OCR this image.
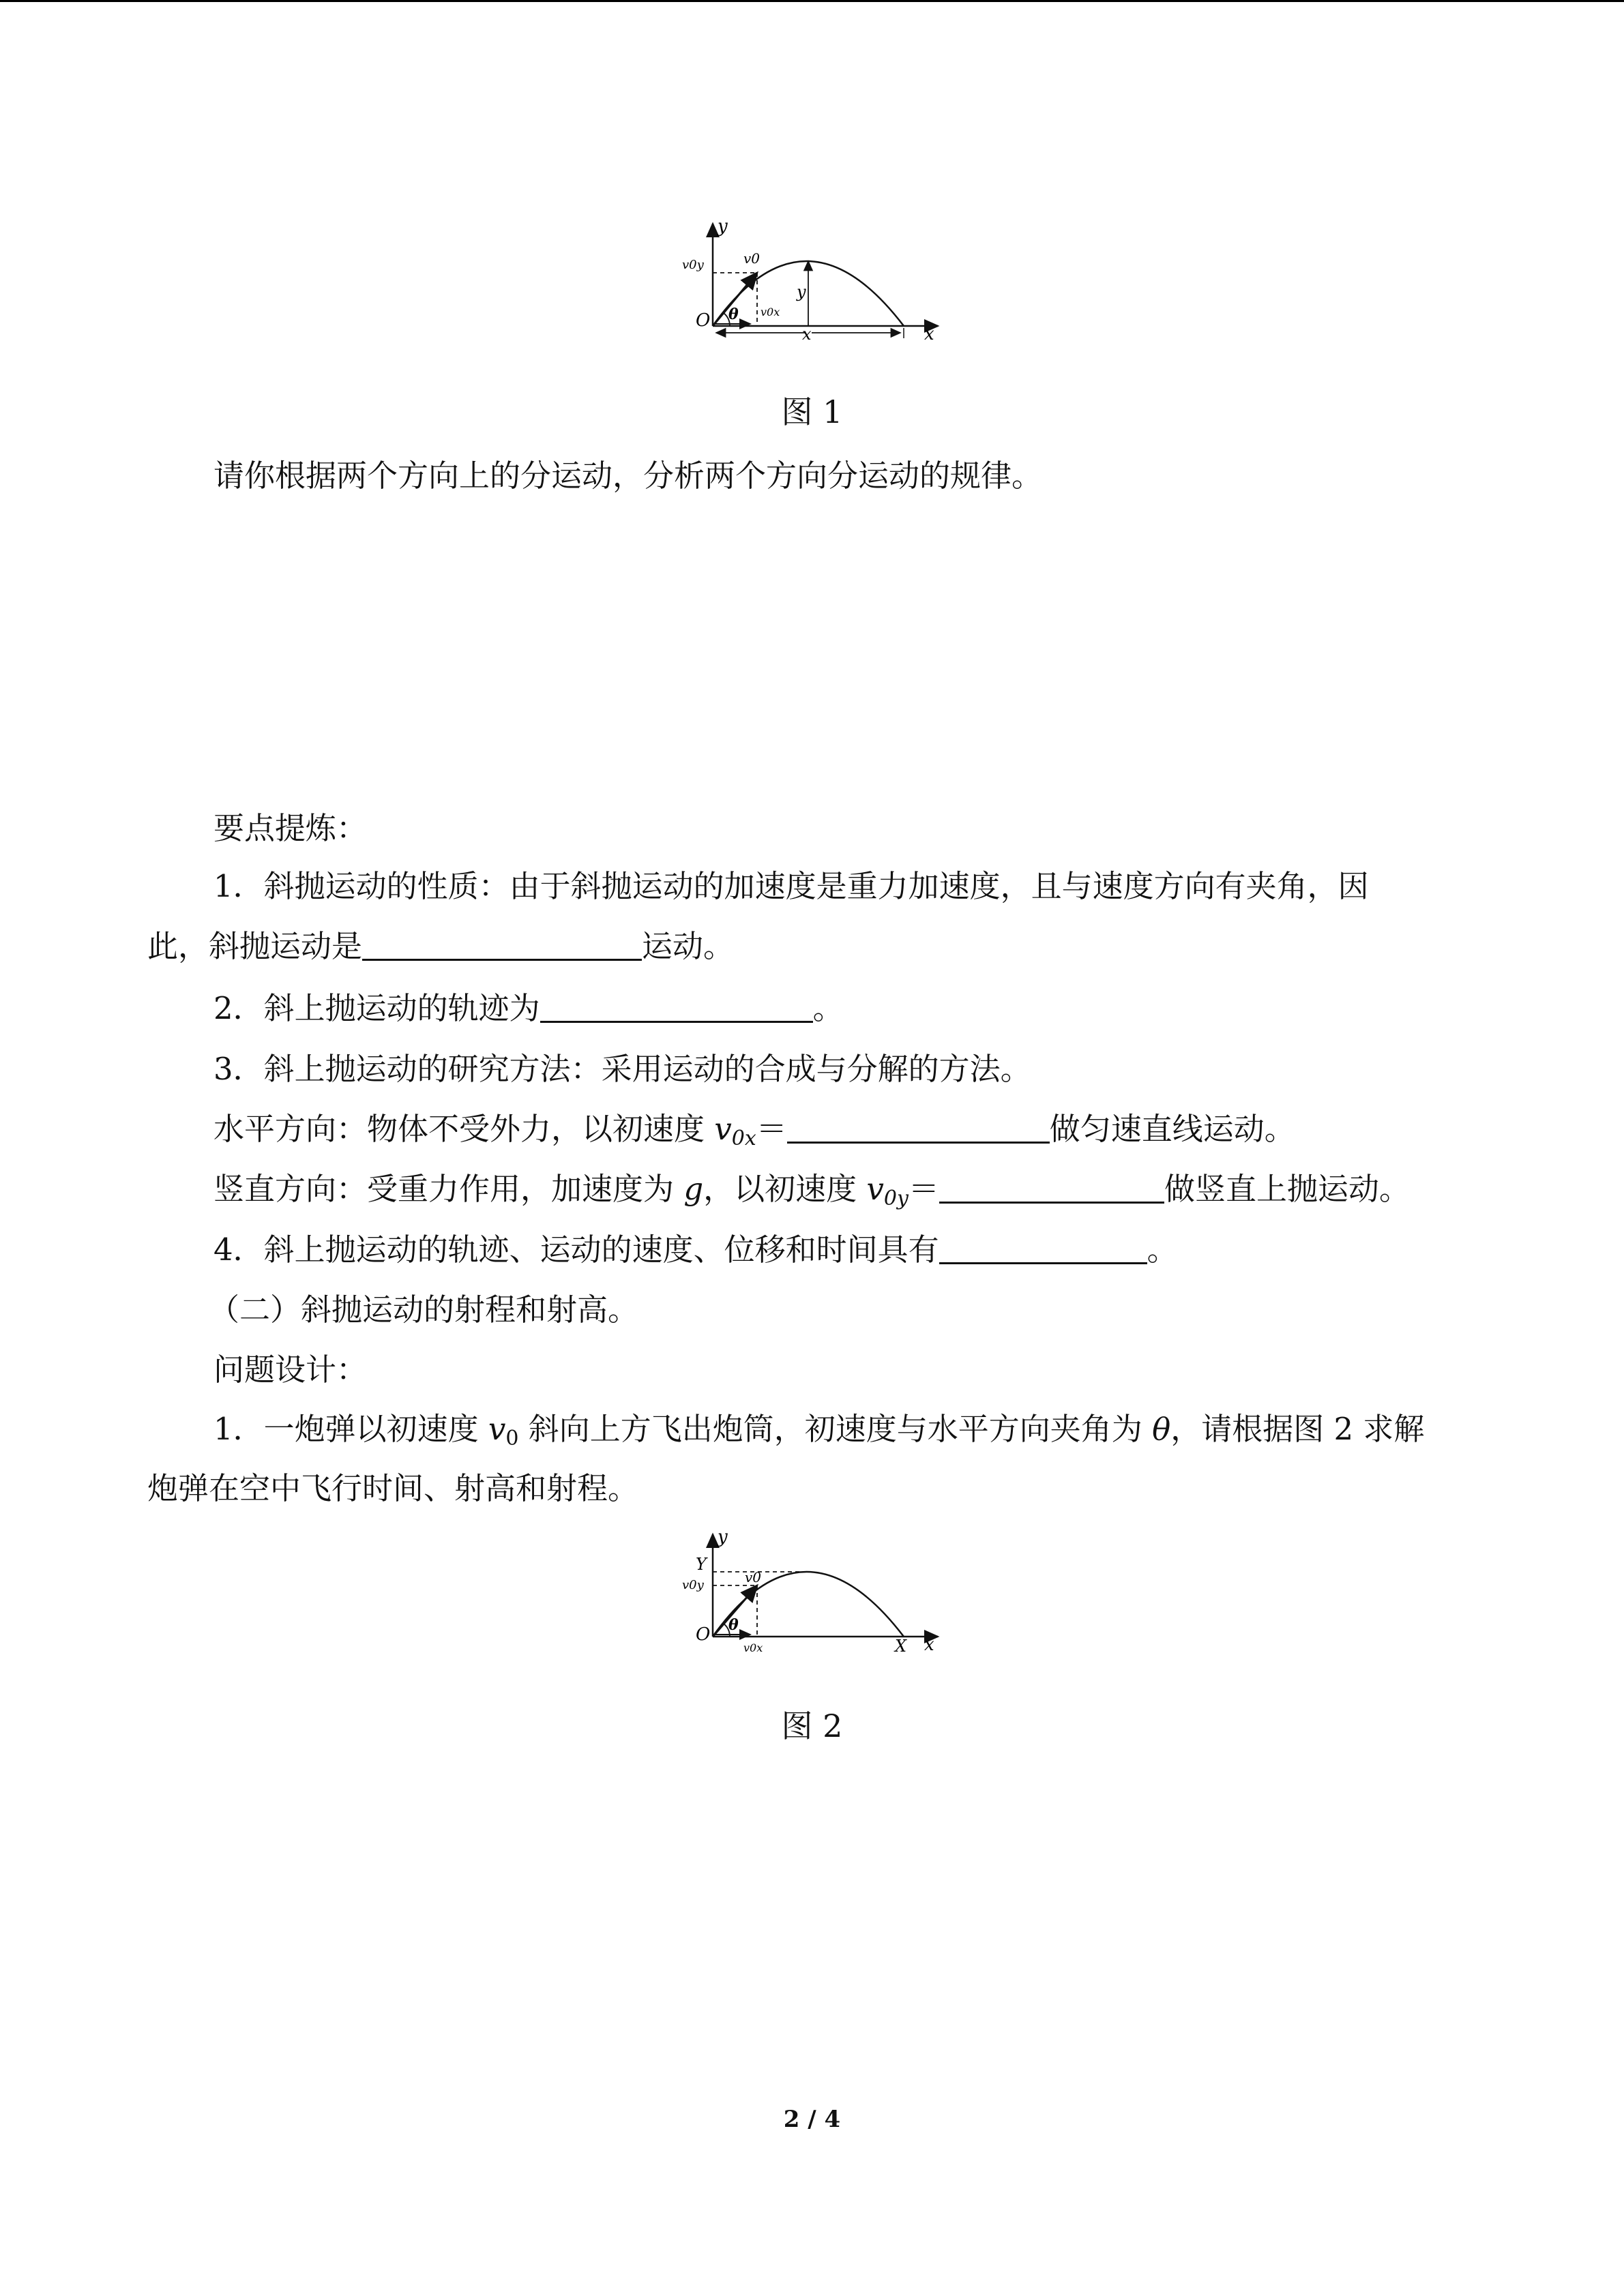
y
x
O
v0y	v0
θ v0x
y
x
图 1
请你根据两个方向上的分运动，分析两个方向分运动的规律。
要点提炼：
1．斜抛运动的性质：由于斜抛运动的加速度是重力加速度，且与速度方向有夹角，因
此，斜抛运动是	运动。
2．斜上抛运动的轨迹为	。
3．斜上抛运动的研究方法：采用运动的合成与分解的方法。
水平方向：物体不受外力，以初速度 $v_{0x}=$	做匀速直线运动。
竖直方向：受重力作用，加速度为 g，以初速度 $v_{0y}=$	做竖直上抛运动。
4．斜上抛运动的轨迹、运动的速度、位移和时间具有	。
（二）斜抛运动的射程和射高。
问题设计：
1．一炮弹以初速度 $v_0$ 斜向上方飞出炮筒，初速度与水平方向夹角为 θ，请根据图 2 求解
炮弹在空中飞行时间、射高和射程。
y
x
O
Y
v0y	v0
θ
v0x	X
图 2
2 / 4
